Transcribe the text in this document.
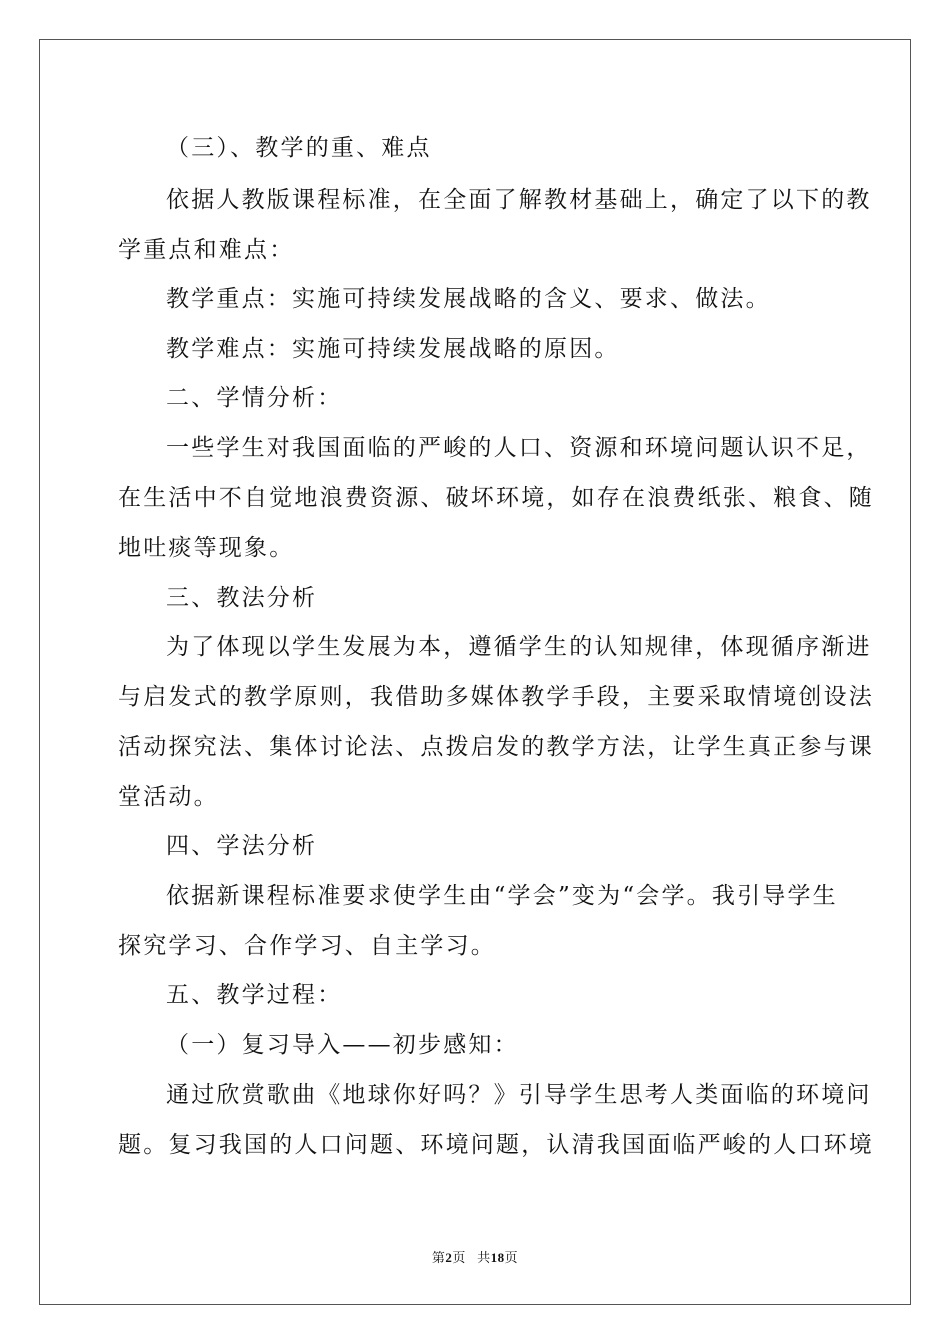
（三）、教学的重、难点

依据人教版课程标准，在全面了解教材基础上，确定了以下的教
学重点和难点：

教学重点：实施可持续发展战略的含义、要求、做法。

教学难点：实施可持续发展战略的原因。

二、学情分析：

一些学生对我国面临的严峻的人口、资源和环境问题认识不足，
在生活中不自觉地浪费资源、破坏环境，如存在浪费纸张、粮食、随
地吐痰等现象。

三、教法分析

为了体现以学生发展为本，遵循学生的认知规律，体现循序渐进
与启发式的教学原则，我借助多媒体教学手段，主要采取情境创设法
活动探究法、集体讨论法、点拨启发的教学方法，让学生真正参与课
堂活动。

四、学法分析

依据新课程标准要求使学生由“学会”变为“会学。我引导学生
探究学习、合作学习、自主学习。

五、教学过程：

（一）复习导入——初步感知：

通过欣赏歌曲《地球你好吗？》引导学生思考人类面临的环境问
题。复习我国的人口问题、环境问题，认清我国面临严峻的人口环境

第2页 共18页
